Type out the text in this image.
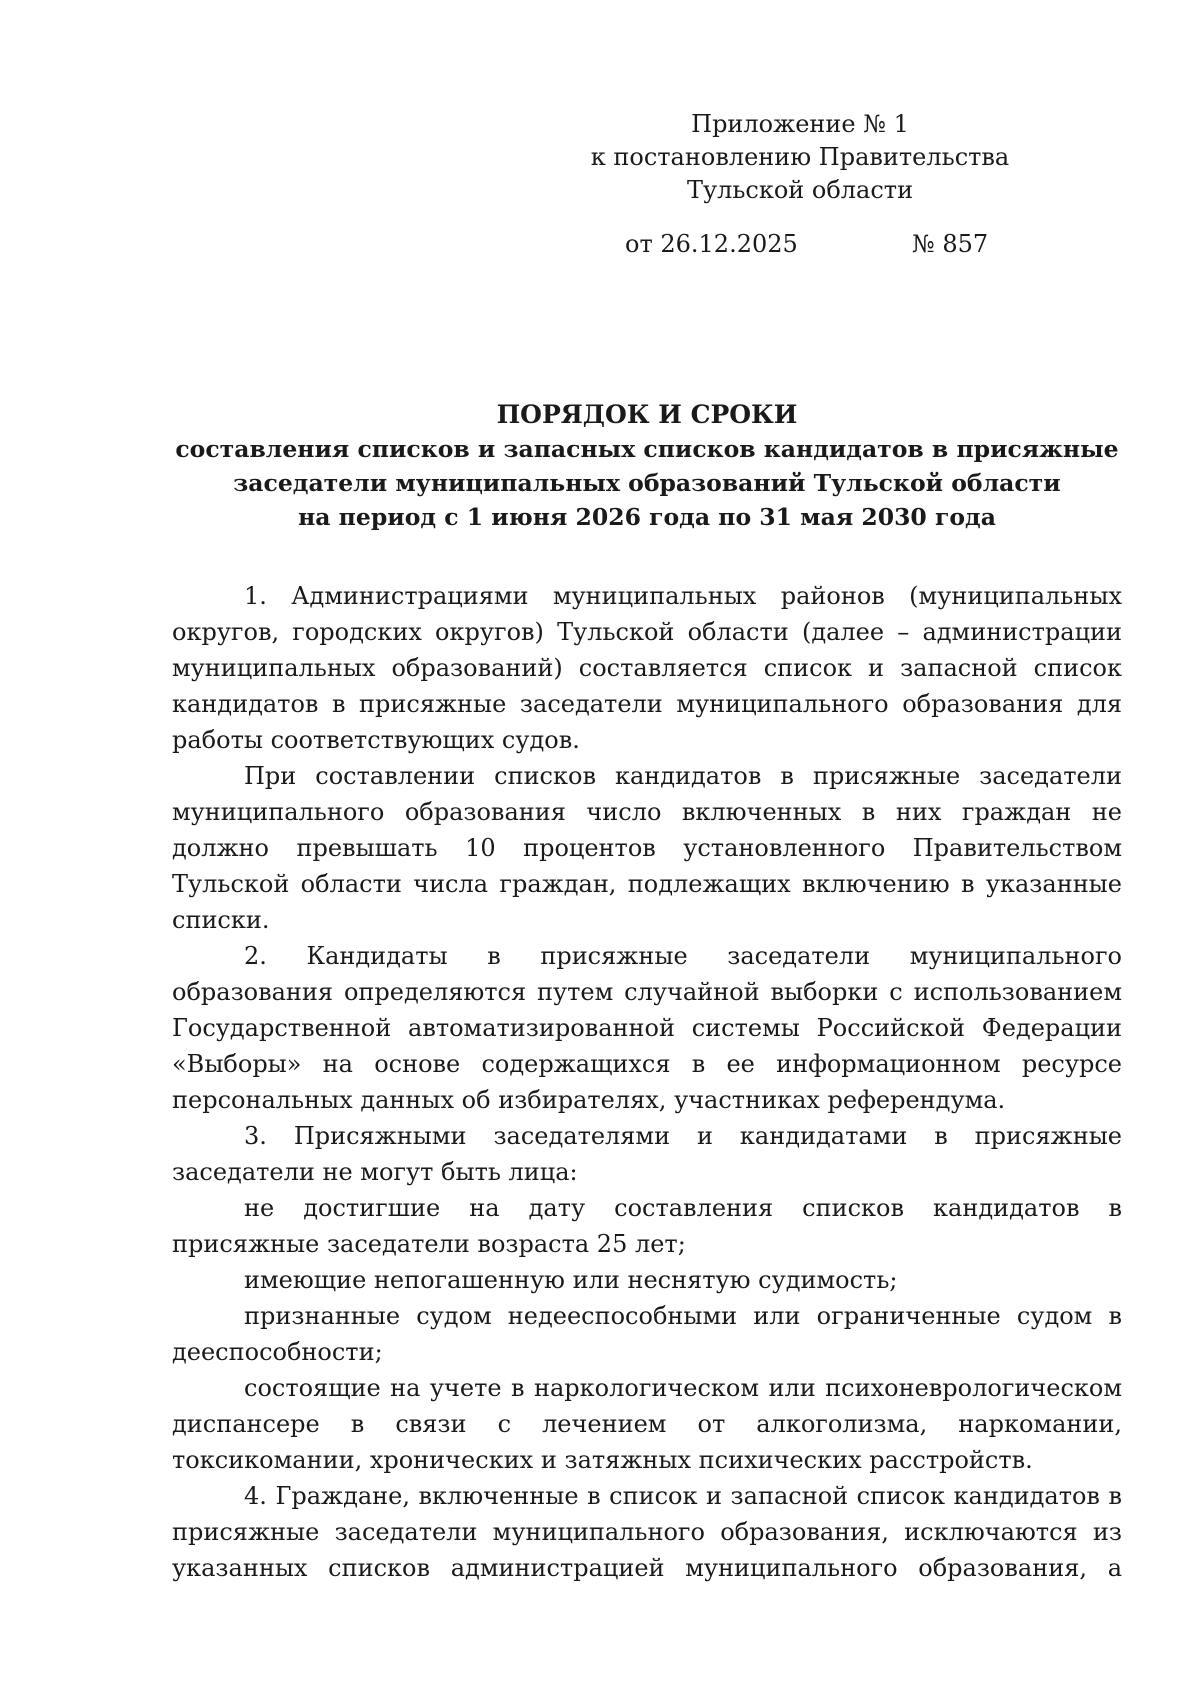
Приложение № 1
к постановлению Правительства
Тульской области
от 26.12.2025	№ 857
ПОРЯДОК И СРОКИ
составления списков и запасных списков кандидатов в присяжные
заседатели муниципальных образований Тульской области
на период с 1 июня 2026 года по 31 мая 2030 года

1. Администрациями муниципальных районов (муниципальных округов, городских округов) Тульской области (далее – администрации муниципальных образований) составляется список и запасной список кандидатов в присяжные заседатели муниципального образования для работы соответствующих судов.

При составлении списков кандидатов в присяжные заседатели муниципального образования число включенных в них граждан не должно превышать 10 процентов установленного Правительством Тульской области числа граждан, подлежащих включению в указанные списки.

2. Кандидаты в присяжные заседатели муниципального образования определяются путем случайной выборки с использованием Государственной автоматизированной системы Российской Федерации «Выборы» на основе содержащихся в ее информационном ресурсе персональных данных об избирателях, участниках референдума.

3. Присяжными заседателями и кандидатами в присяжные заседатели не могут быть лица:

не достигшие на дату составления списков кандидатов в присяжные заседатели возраста 25 лет;

имеющие непогашенную или неснятую судимость;

признанные судом недееспособными или ограниченные судом в дееспособности;

состоящие на учете в наркологическом или психоневрологическом диспансере в связи с лечением от алкоголизма, наркомании, токсикомании, хронических и затяжных психических расстройств.

4. Граждане, включенные в список и запасной список кандидатов в присяжные заседатели муниципального образования, исключаются из указанных списков администрацией муниципального образования, а
